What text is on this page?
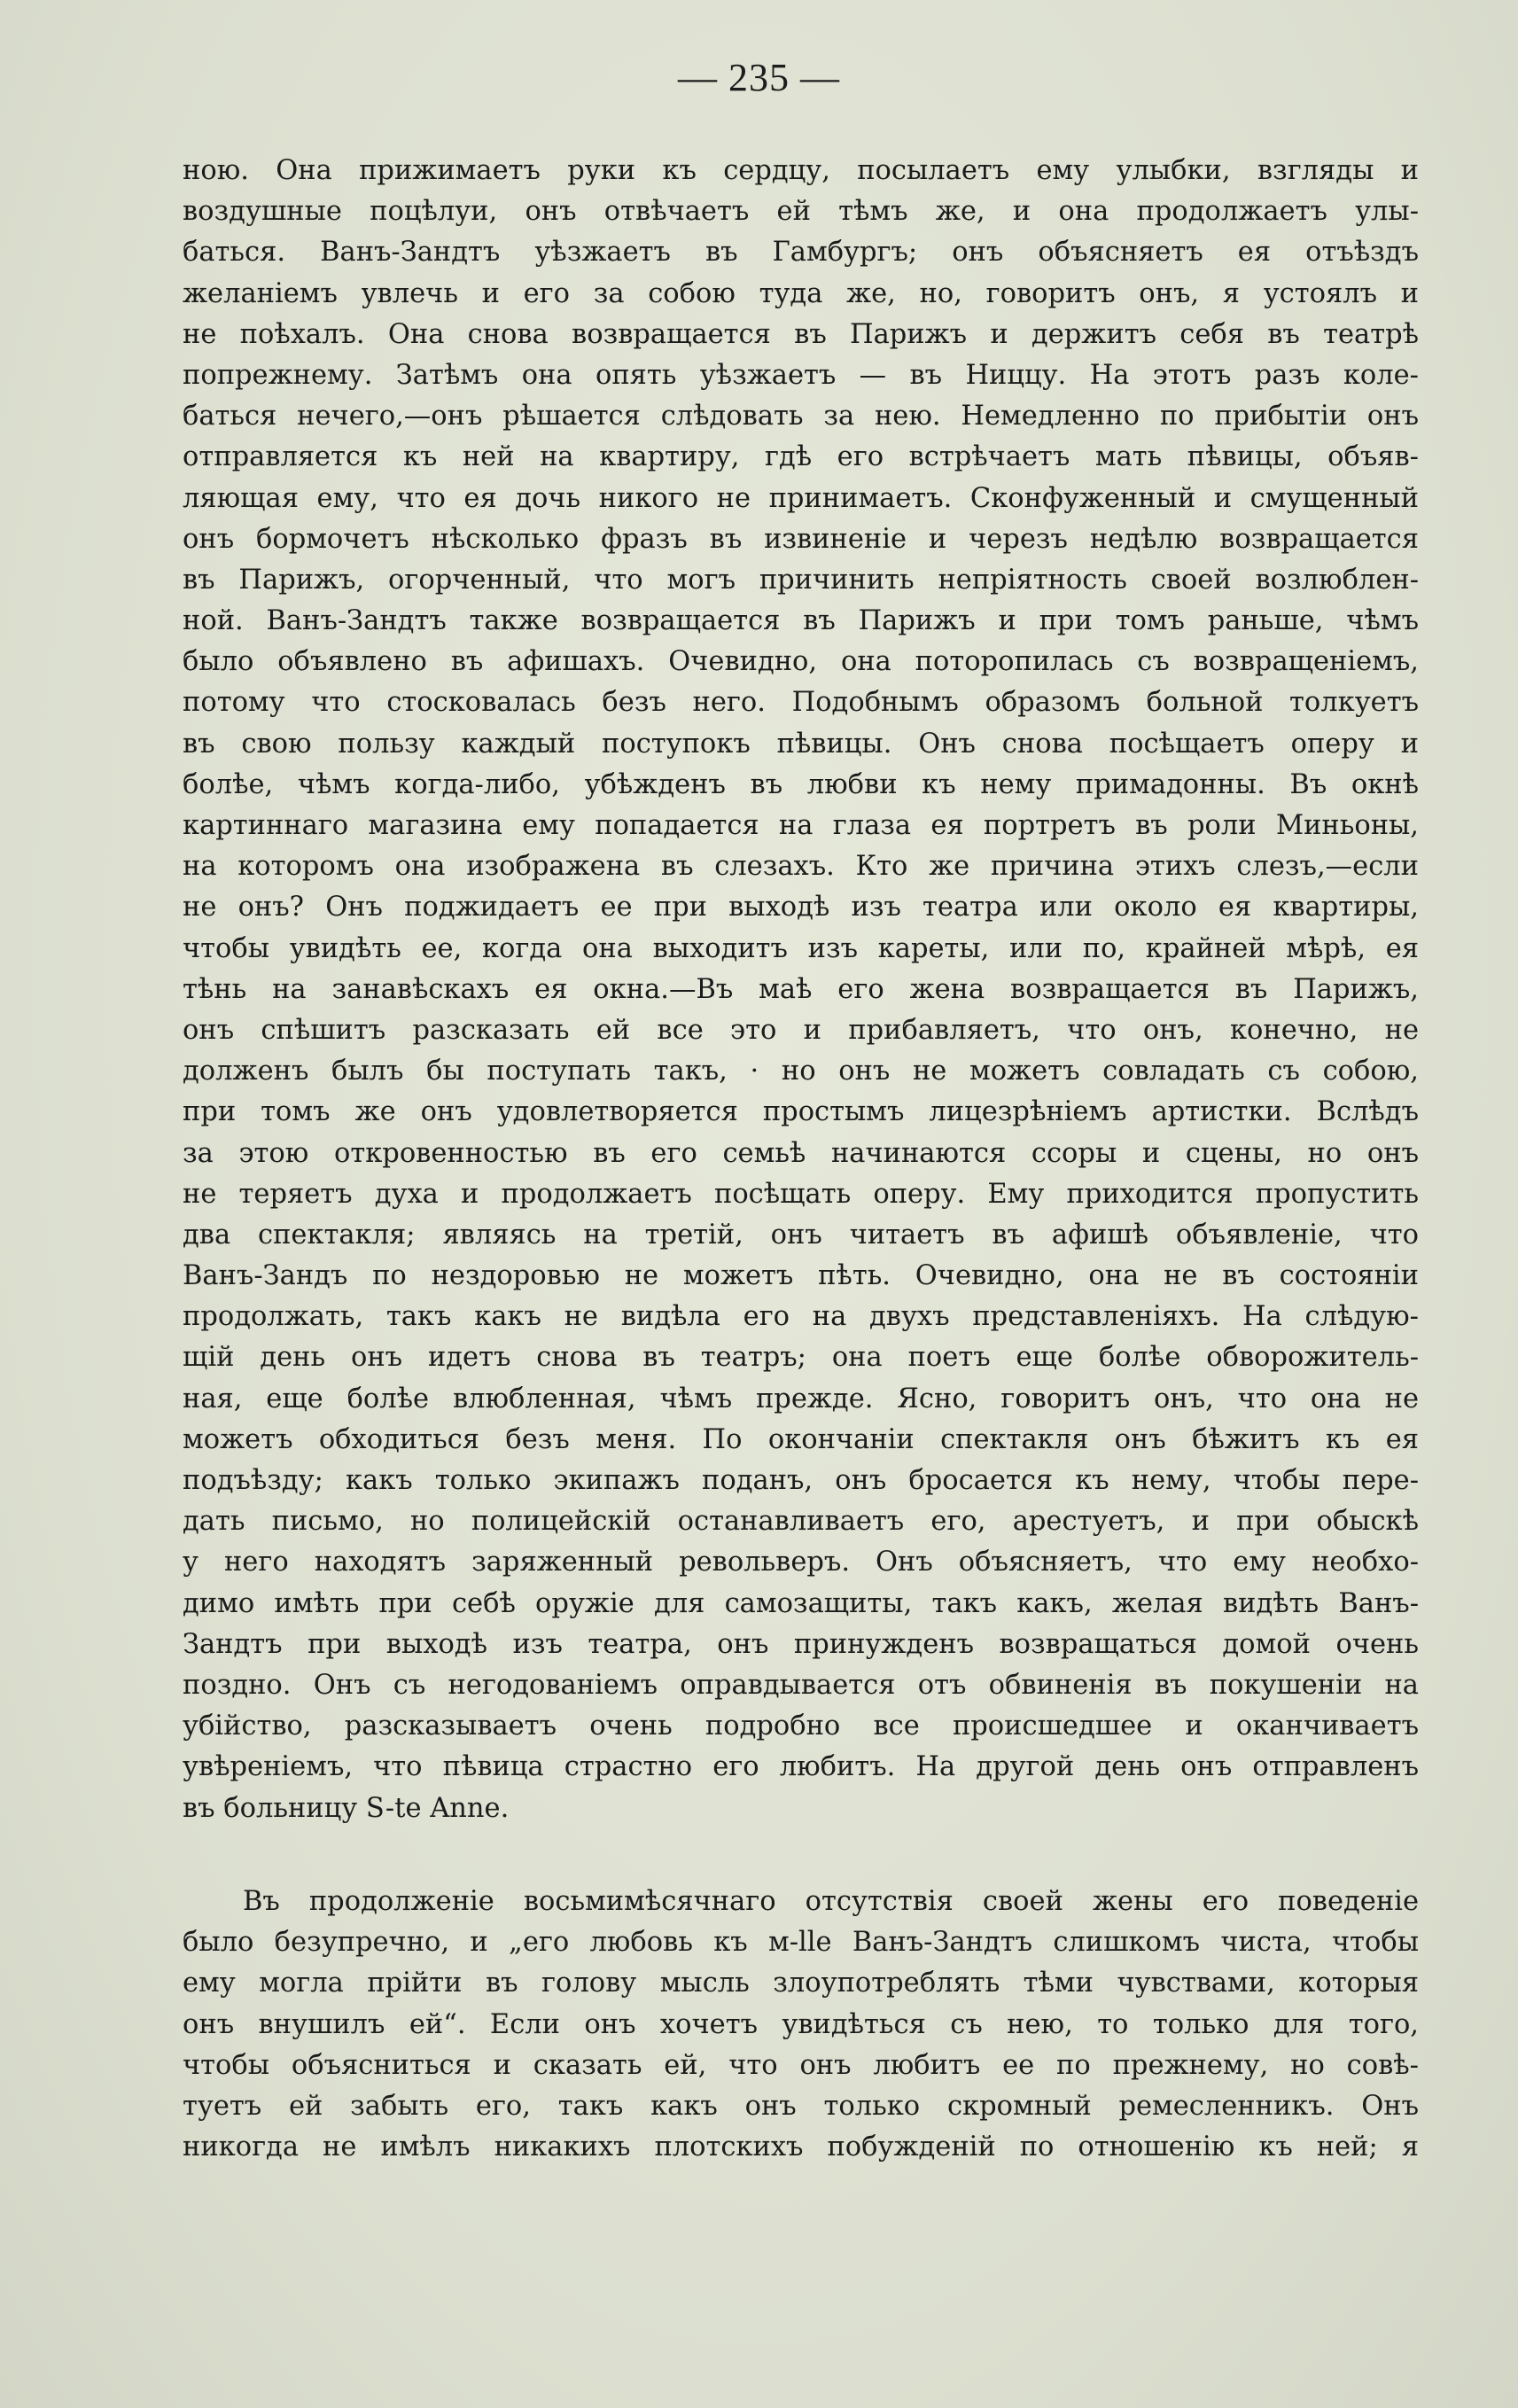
— 235 —
ною. Она прижимаетъ руки къ сердцу, посылаетъ ему улыбки, взгляды и
воздушные поцѣлуи, онъ отвѣчаетъ ей тѣмъ же, и она продолжаетъ улы-
баться. Ванъ-Зандтъ уѣзжаетъ въ Гамбургъ; онъ объясняетъ ея отъѣздъ
желаніемъ увлечь и его за собою туда же, но, говоритъ онъ, я устоялъ и
не поѣхалъ. Она снова возвращается въ Парижъ и держитъ себя въ театрѣ
попрежнему. Затѣмъ она опять уѣзжаетъ — въ Ниццу. На этотъ разъ коле-
баться нечего,—онъ рѣшается слѣдовать за нею. Немедленно по прибытіи онъ
отправляется къ ней на квартиру, гдѣ его встрѣчаетъ мать пѣвицы, объяв-
ляющая ему, что ея дочь никого не принимаетъ. Сконфуженный и смущенный
онъ бормочетъ нѣсколько фразъ въ извиненіе и черезъ недѣлю возвращается
въ Парижъ, огорченный, что могъ причинить непріятность своей возлюблен-
ной. Ванъ-Зандтъ также возвращается въ Парижъ и при томъ раньше, чѣмъ
было объявлено въ афишахъ. Очевидно, она поторопилась съ возвращеніемъ,
потому что стосковалась безъ него. Подобнымъ образомъ больной толкуетъ
въ свою пользу каждый поступокъ пѣвицы. Онъ снова посѣщаетъ оперу и
болѣе, чѣмъ когда-либо, убѣжденъ въ любви къ нему примадонны. Въ окнѣ
картиннаго магазина ему попадается на глаза ея портретъ въ роли Миньоны,
на которомъ она изображена въ слезахъ. Кто же причина этихъ слезъ,—если
не онъ? Онъ поджидаетъ ее при выходѣ изъ театра или около ея квартиры,
чтобы увидѣть ее, когда она выходитъ изъ кареты, или по, крайней мѣрѣ, ея
тѣнь на занавѣскахъ ея окна.—Въ маѣ его жена возвращается въ Парижъ,
онъ спѣшитъ разсказать ей все это и прибавляетъ, что онъ, конечно, не
долженъ былъ бы поступать такъ, · но онъ не можетъ совладать съ собою,
при томъ же онъ удовлетворяется простымъ лицезрѣніемъ артистки. Вслѣдъ
за этою откровенностью въ его семьѣ начинаются ссоры и сцены, но онъ
не теряетъ духа и продолжаетъ посѣщать оперу. Ему приходится пропустить
два спектакля; являясь на третій, онъ читаетъ въ афишѣ объявленіе, что
Ванъ-Зандъ по нездоровью не можетъ пѣть. Очевидно, она не въ состояніи
продолжать, такъ какъ не видѣла его на двухъ представленіяхъ. На слѣдую-
щій день онъ идетъ снова въ театръ; она поетъ еще болѣе обворожитель-
ная, еще болѣе влюбленная, чѣмъ прежде. Ясно, говоритъ онъ, что она не
можетъ обходиться безъ меня. По окончаніи спектакля онъ бѣжитъ къ ея
подъѣзду; какъ только экипажъ поданъ, онъ бросается къ нему, чтобы пере-
дать письмо, но полицейскій останавливаетъ его, арестуетъ, и при обыскѣ
у него находятъ заряженный револьверъ. Онъ объясняетъ, что ему необхо-
димо имѣть при себѣ оружіе для самозащиты, такъ какъ, желая видѣть Ванъ-
Зандтъ при выходѣ изъ театра, онъ принужденъ возвращаться домой очень
поздно. Онъ съ негодованіемъ оправдывается отъ обвиненія въ покушеніи на
убійство, разсказываетъ очень подробно все происшедшее и оканчиваетъ
увѣреніемъ, что пѣвица страстно его любитъ. На другой день онъ отправленъ
въ больницу S-te Anne.
Въ продолженіе восьмимѣсячнаго отсутствія своей жены его поведеніе
было безупречно, и „его любовь къ м-lle Ванъ-Зандтъ слишкомъ чиста, чтобы
ему могла прійти въ голову мысль злоупотреблять тѣми чувствами, которыя
онъ внушилъ ей“. Если онъ хочетъ увидѣться съ нею, то только для того,
чтобы объясниться и сказать ей, что онъ любитъ ее по прежнему, но совѣ-
туетъ ей забыть его, такъ какъ онъ только скромный ремесленникъ. Онъ
никогда не имѣлъ никакихъ плотскихъ побужденій по отношенію къ ней; я
